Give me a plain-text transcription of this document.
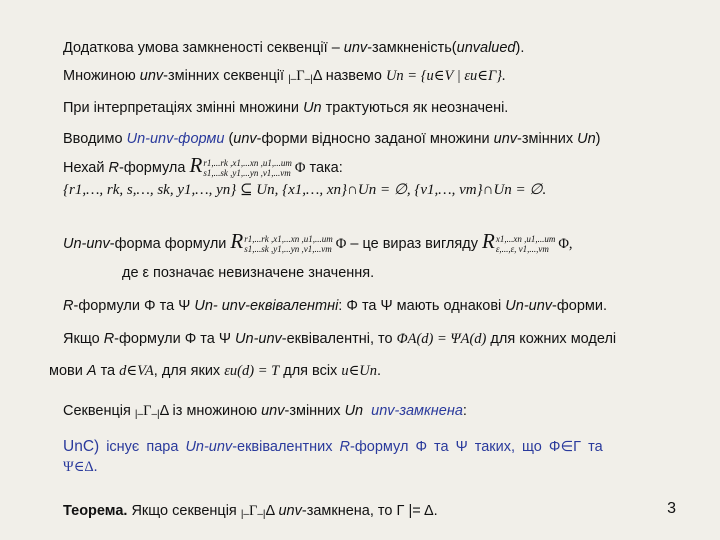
Додаткова умова замкненості секвенції – unv-замкненість(unvalued).
Множиною unv-змінних секвенції |–Γ–|Δ назвемо Un = {u∈V | εu∈Γ}.
При інтерпретаціях змінні множини Un трактуються як неозначені.
Вводимо Un-unv-форми (unv-форми відносно заданої множини unv-змінних Un)
Нехай R-формула R r1,...rk ,x1,...xn ,u1,...um
s1,...sk ,y1,...yn ,v1,...vm Φ така:
{r1,…, rk, s,…, sk, y1,…, yn} ⊆ Un, {x1,…, xn}∩Un = ∅, {v1,…, vm}∩Un = ∅.
Un-unv-форма формули R r1,...rk ,x1,...xn ,u1,...um
s1,...sk ,y1,...yn ,v1,...vm Φ – це вираз вигляду R x1,...xn ,u1,...um
ε,...,ε, v1,...,vm Φ,
де ε позначає невизначене значення.
R-формули Φ та Ψ Un- unv-еквівалентні: Φ та Ψ мають однакові Un-unv-форми.
Якщо R-формули Φ та Ψ Un-unv-еквівалентні, то ΦA(d) = ΨA(d) для кожних моделі
мови A та d∈VA, для яких εu(d) = T для всіх u∈Un.
Секвенція |–Γ–|Δ із множиною unv-змінних Un unv-замкнена:
UnC) існує пара Un-unv-еквівалентних R-формул Φ та Ψ таких, що Φ∈Γ та
Ψ∈Δ.
Теорема. Якщо секвенція |–Γ–|Δ unv-замкнена, то Γ |= Δ.	3
